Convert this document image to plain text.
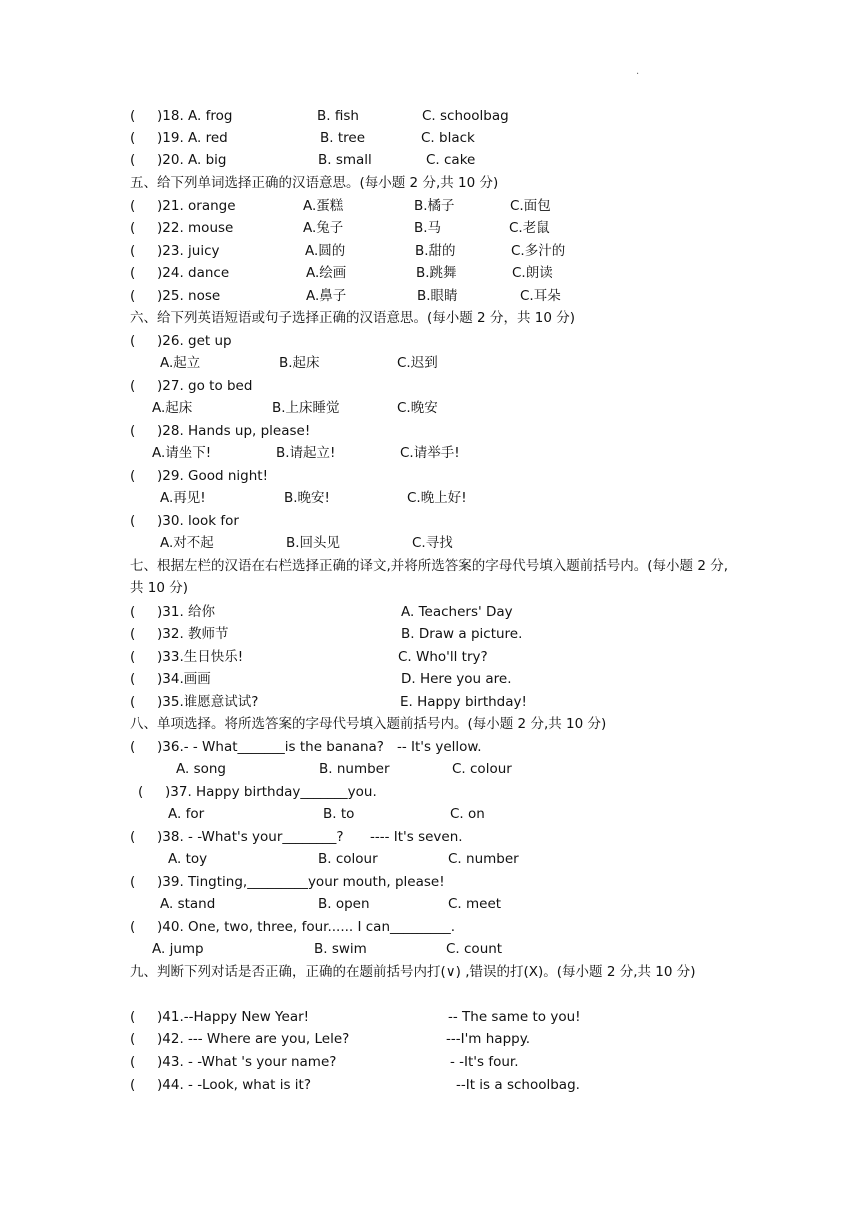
.
( )18. A. frog	B. fish	C. schoolbag
( )19. A. red	B. tree	C. black
( )20. A. big	B. small	C. cake
五、给下列单词选择正确的汉语意思。(每小题 2 分,共 10 分)
( )21. orange	A.蛋糕	B.橘子	C.面包
( )22. mouse	A.兔子	B.马	C.老鼠
( )23. juicy	A.圆的	B.甜的	C.多汁的
( )24. dance	A.绘画	B.跳舞	C.朗读
( )25. nose	A.鼻子	B.眼睛	C.耳朵
六、给下列英语短语或句子选择正确的汉语意思。(每小题 2 分，共 10 分)
( )26. get up
A.起立	B.起床	C.迟到
( )27. go to bed
A.起床	B.上床睡觉	C.晚安
( )28. Hands up, please!
A.请坐下!	B.请起立!	C.请举手!
( )29. Good night!
A.再见!	B.晚安!	C.晚上好!
( )30. look for
A.对不起	B.回头见	C.寻找
七、根据左栏的汉语在右栏选择正确的译文,并将所选答案的字母代号填入题前括号内。(每小题 2 分,共 10 分)
( )31. 给你	A. Teachers' Day
( )32. 教师节	B. Draw a picture.
( )33.生日快乐!	C. Who'll try?
( )34.画画	D. Here you are.
( )35.谁愿意试试?	E. Happy birthday!
八、单项选择。将所选答案的字母代号填入题前括号内。(每小题 2 分,共 10 分)
( )36.- - What_______is the banana? -- It's yellow.
A. song	B. number	C. colour
( )37. Happy birthday_______you.
A. for	B. to	C. on
( )38. - -What's your________? ---- It's seven.
A. toy	B. colour	C. number
( )39. Tingting,_________your mouth, please!
A. stand	B. open	C. meet
( )40. One, two, three, four...... I can_________.
A. jump	B. swim	C. count
九、判断下列对话是否正确，正确的在题前括号内打(∨) ,错误的打(X)。(每小题 2 分,共 10 分)
( )41.--Happy New Year!	-- The same to you!
( )42. --- Where are you, Lele?	---I'm happy.
( )43. - -What 's your name?	- -It's four.
( )44. - -Look, what is it?	--It is a schoolbag.
